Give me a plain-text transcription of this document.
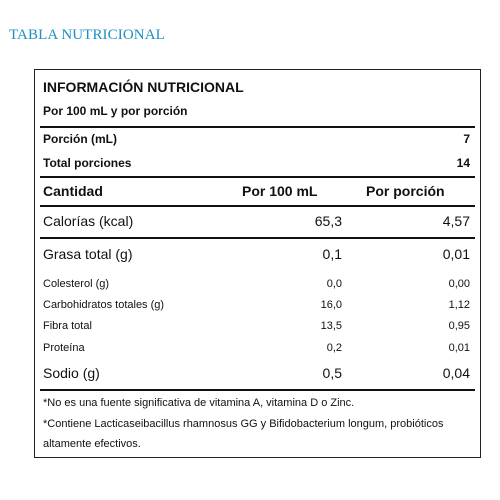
TABLA NUTRICIONAL
INFORMACIÓN NUTRICIONAL
Por 100 mL y por porción
Porción (mL)	7
Total porciones	14
Cantidad	Por 100 mL	Por porción
Calorías (kcal)	65,3	4,57
Grasa total (g)	0,1	0,01
Colesterol (g)	0,0	0,00
Carbohidratos totales (g)	16,0	1,12
Fibra total	13,5	0,95
Proteína	0,2	0,01
Sodio (g)	0,5	0,04
*No es una fuente significativa de vitamina A, vitamina D o Zinc.
*Contiene Lacticaseibacillus rhamnosus GG y Bifidobacterium longum, probióticos altamente efectivos.
